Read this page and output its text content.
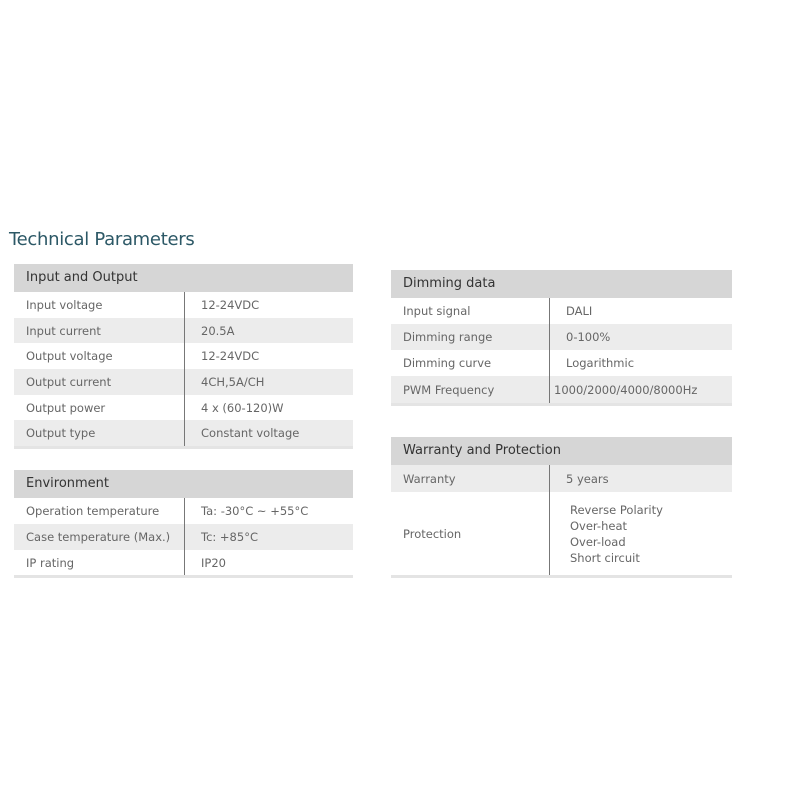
Technical Parameters
Input and Output
Input voltage	12-24VDC
Input current	20.5A
Output voltage	12-24VDC
Output current	4CH,5A/CH
Output power	4 x (60-120)W
Output type	Constant voltage
Environment
Operation temperature	Ta: -30°C ~ +55°C
Case temperature (Max.)	Tc: +85°C
IP rating	IP20
Dimming data
Input signal	DALI
Dimming range	0-100%
Dimming curve	Logarithmic
PWM Frequency	1000/2000/4000/8000Hz
Warranty and Protection
Warranty	5 years
Protection
Reverse Polarity
Over-heat
Over-load
Short circuit
